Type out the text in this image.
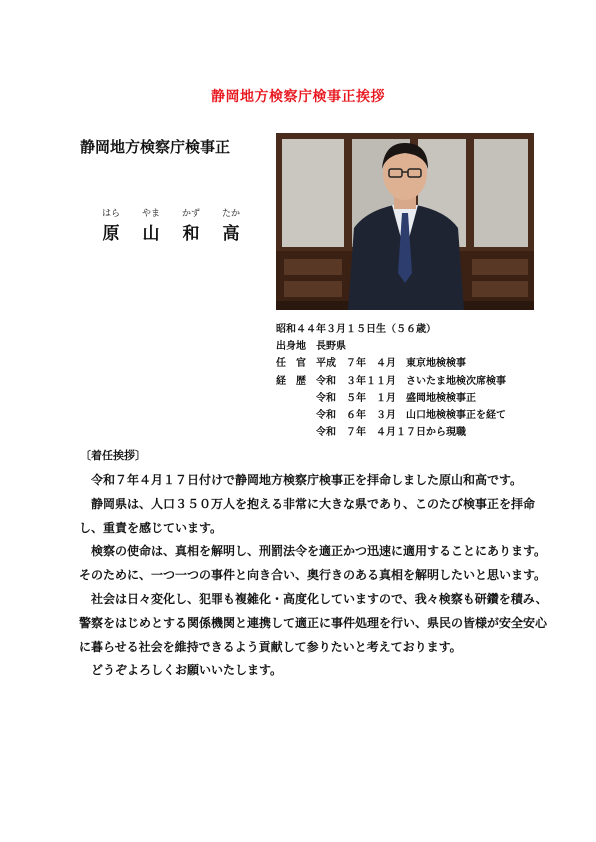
静岡地方検察庁検事正挨拶
静岡地方検察庁検事正
はら
原
やま
山
かず
和
たか
高
昭和４４年３月１５日生（５６歳）
出身地　長野県
任　官　平成　７年　４月　東京地検検事
経　歴　令和　３年１１月　さいたま地検次席検事
　　　　令和　５年　１月　盛岡地検検事正
　　　　令和　６年　３月　山口地検検事正を経て
　　　　令和　７年　４月１７日から現職
〔着任挨拶〕

令和７年４月１７日付けで静岡地方検察庁検事正を拝命しました原山和高です。

静岡県は、人口３５０万人を抱える非常に大きな県であり、このたび検事正を拝命し、重責を感じています。

検察の使命は、真相を解明し、刑罰法令を適正かつ迅速に適用することにあります。そのために、一つ一つの事件と向き合い、奥行きのある真相を解明したいと思います。

社会は日々変化し、犯罪も複雑化・高度化していますので、我々検察も研鑽を積み、警察をはじめとする関係機関と連携して適正に事件処理を行い、県民の皆様が安全安心に暮らせる社会を維持できるよう貢献して参りたいと考えております。

どうぞよろしくお願いいたします。
